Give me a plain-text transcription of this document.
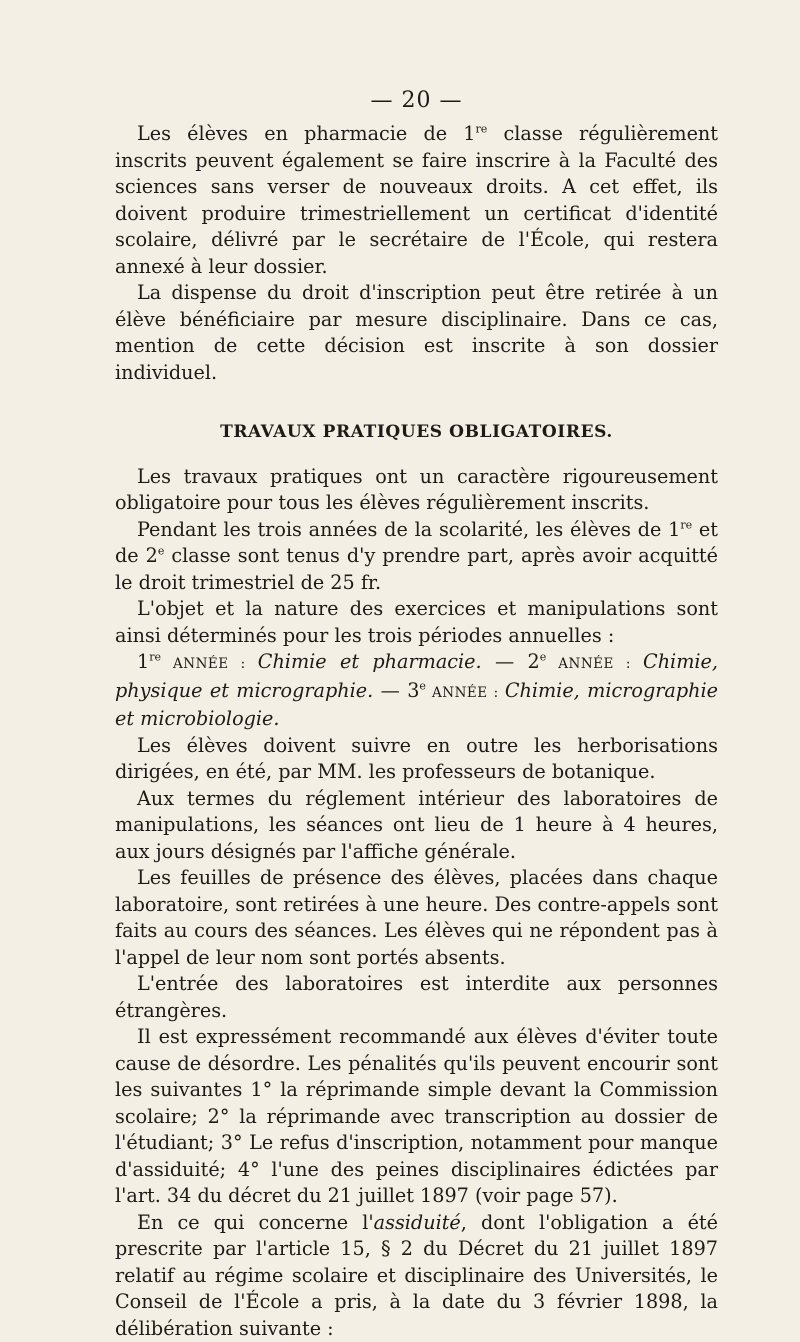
— 20 —

Les élèves en pharmacie de 1re classe régulièrement inscrits peuvent également se faire inscrire à la Faculté des sciences sans verser de nouveaux droits. A cet effet, ils doivent produire trimestriellement un certificat d'identité scolaire, délivré par le secrétaire de l'École, qui restera annexé à leur dossier.

La dispense du droit d'inscription peut être retirée à un élève bénéficiaire par mesure disciplinaire. Dans ce cas, mention de cette décision est inscrite à son dossier individuel.

TRAVAUX PRATIQUES OBLIGATOIRES.

Les travaux pratiques ont un caractère rigoureusement obligatoire pour tous les élèves régulièrement inscrits.

Pendant les trois années de la scolarité, les élèves de 1re et de 2e classe sont tenus d'y prendre part, après avoir acquitté le droit trimestriel de 25 fr.

L'objet et la nature des exercices et manipulations sont ainsi déterminés pour les trois périodes annuelles :

1re ANNÉE : Chimie et pharmacie. — 2e ANNÉE : Chimie, physique et micrographie. — 3e ANNÉE : Chimie, micrographie et microbiologie.

Les élèves doivent suivre en outre les herborisations dirigées, en été, par MM. les professeurs de botanique.

Aux termes du réglement intérieur des laboratoires de manipulations, les séances ont lieu de 1 heure à 4 heures, aux jours désignés par l'affiche générale.

Les feuilles de présence des élèves, placées dans chaque laboratoire, sont retirées à une heure. Des contre-appels sont faits au cours des séances. Les élèves qui ne répondent pas à l'appel de leur nom sont portés absents.

L'entrée des laboratoires est interdite aux personnes étrangères.

Il est expressément recommandé aux élèves d'éviter toute cause de désordre. Les pénalités qu'ils peuvent encourir sont les suivantes 1° la réprimande simple devant la Commission scolaire; 2° la réprimande avec transcription au dossier de l'étudiant; 3° Le refus d'inscription, notamment pour manque d'assiduité; 4° l'une des peines disciplinaires édictées par l'art. 34 du décret du 21 juillet 1897 (voir page 57).

En ce qui concerne l'assiduité, dont l'obligation a été prescrite par l'article 15, § 2 du Décret du 21 juillet 1897 relatif au régime scolaire et disciplinaire des Universités, le Conseil de l'École a pris, à la date du 3 février 1898, la délibération suivante :
